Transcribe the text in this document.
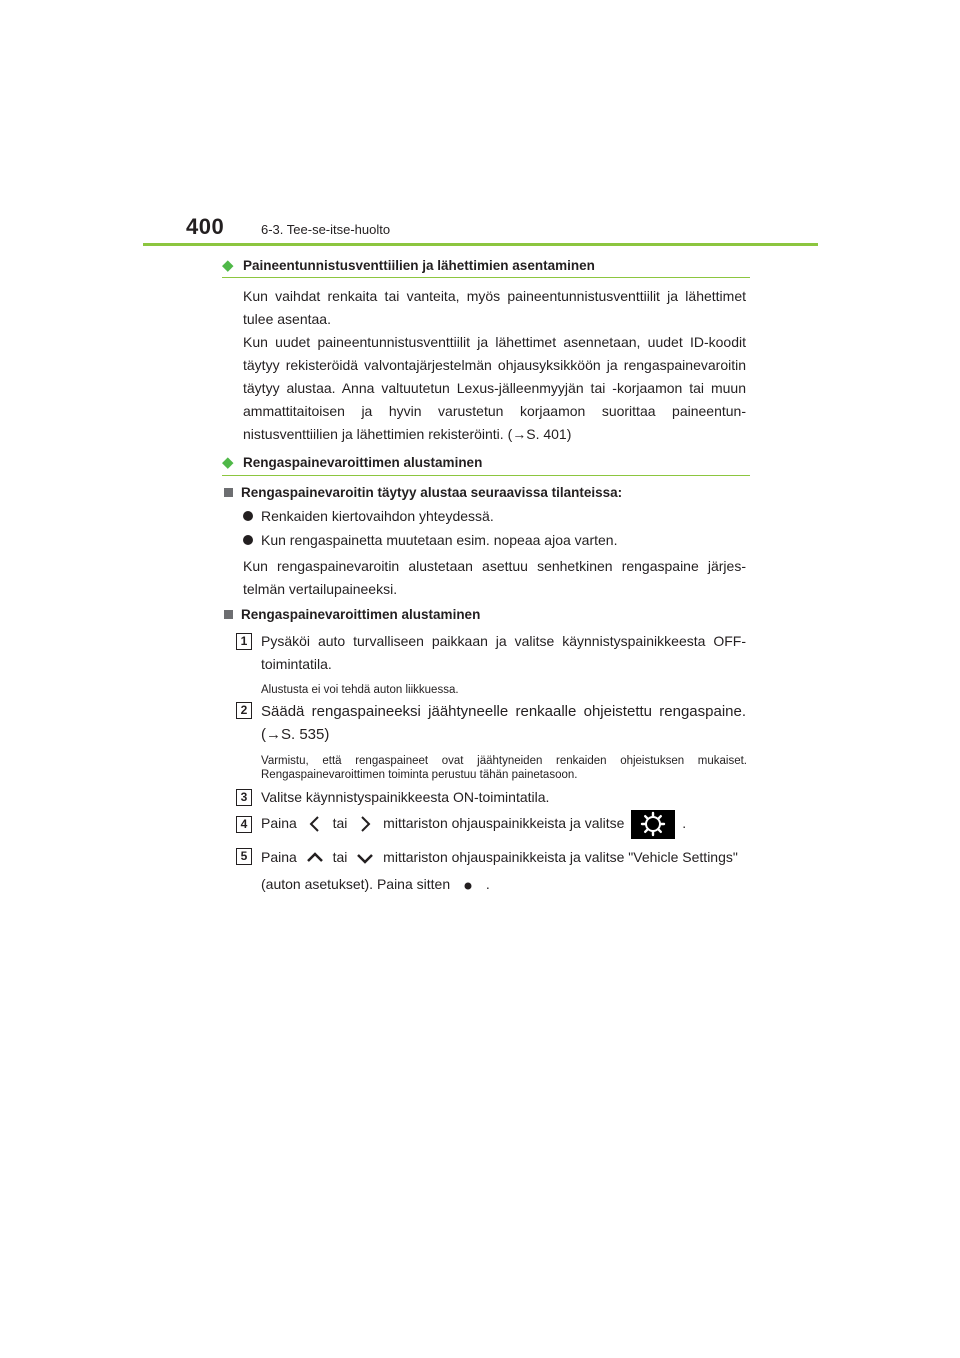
400	6-3. Tee-se-itse-huolto
◆ Paineentunnistusventtiilien ja lähettimien asentaminen
Kun vaihdat renkaita tai vanteita, myös paineentunnistusventtiilit ja lähettimet tulee asentaa.
Kun uudet paineentunnistusventtiilit ja lähettimet asennetaan, uudet ID-koodit täytyy rekisteröidä valvontajärjestelmän ohjausyksikköön ja rengaspainevaroitin täytyy alustaa. Anna valtuutetun Lexus-jälleenmyyjän tai -korjaamon tai muun ammattitaitoisen ja hyvin varustetun korjaamon suorittaa paineentunnistusventtiilien ja lähettimien rekisteröinti. (→S. 401)
◆ Rengaspainevaroittimen alustaminen
Rengaspainevaroitin täytyy alustaa seuraavissa tilanteissa:
Renkaiden kiertovaihdon yhteydessä.
Kun rengaspainetta muutetaan esim. nopeaa ajoa varten.
Kun rengaspainevaroitin alustetaan asettuu senhetkinen rengaspaine järjestelmän vertailupaineeksi.
Rengaspainevaroittimen alustaminen
1 Pysäköi auto turvalliseen paikkaan ja valitse käynnistyspainikkeesta OFF-toimintatila.
Alustusta ei voi tehdä auton liikkuessa.
2 Säädä rengaspaineeksi jäähtyneelle renkaalle ohjeistettu rengaspaine. (→S. 535)
Varmistu, että rengaspaineet ovat jäähtyneiden renkaiden ohjeistuksen mukaiset. Rengaspainevaroittimen toiminta perustuu tähän painetasoon.
3 Valitse käynnistyspainikkeesta ON-toimintatila.
4 Paina	tai	mittariston ohjauspainikkeista ja valitse	.
5 Paina	tai	mittariston ohjauspainikkeista ja valitse "Vehicle Settings"
(auton asetukset). Paina sitten	.
